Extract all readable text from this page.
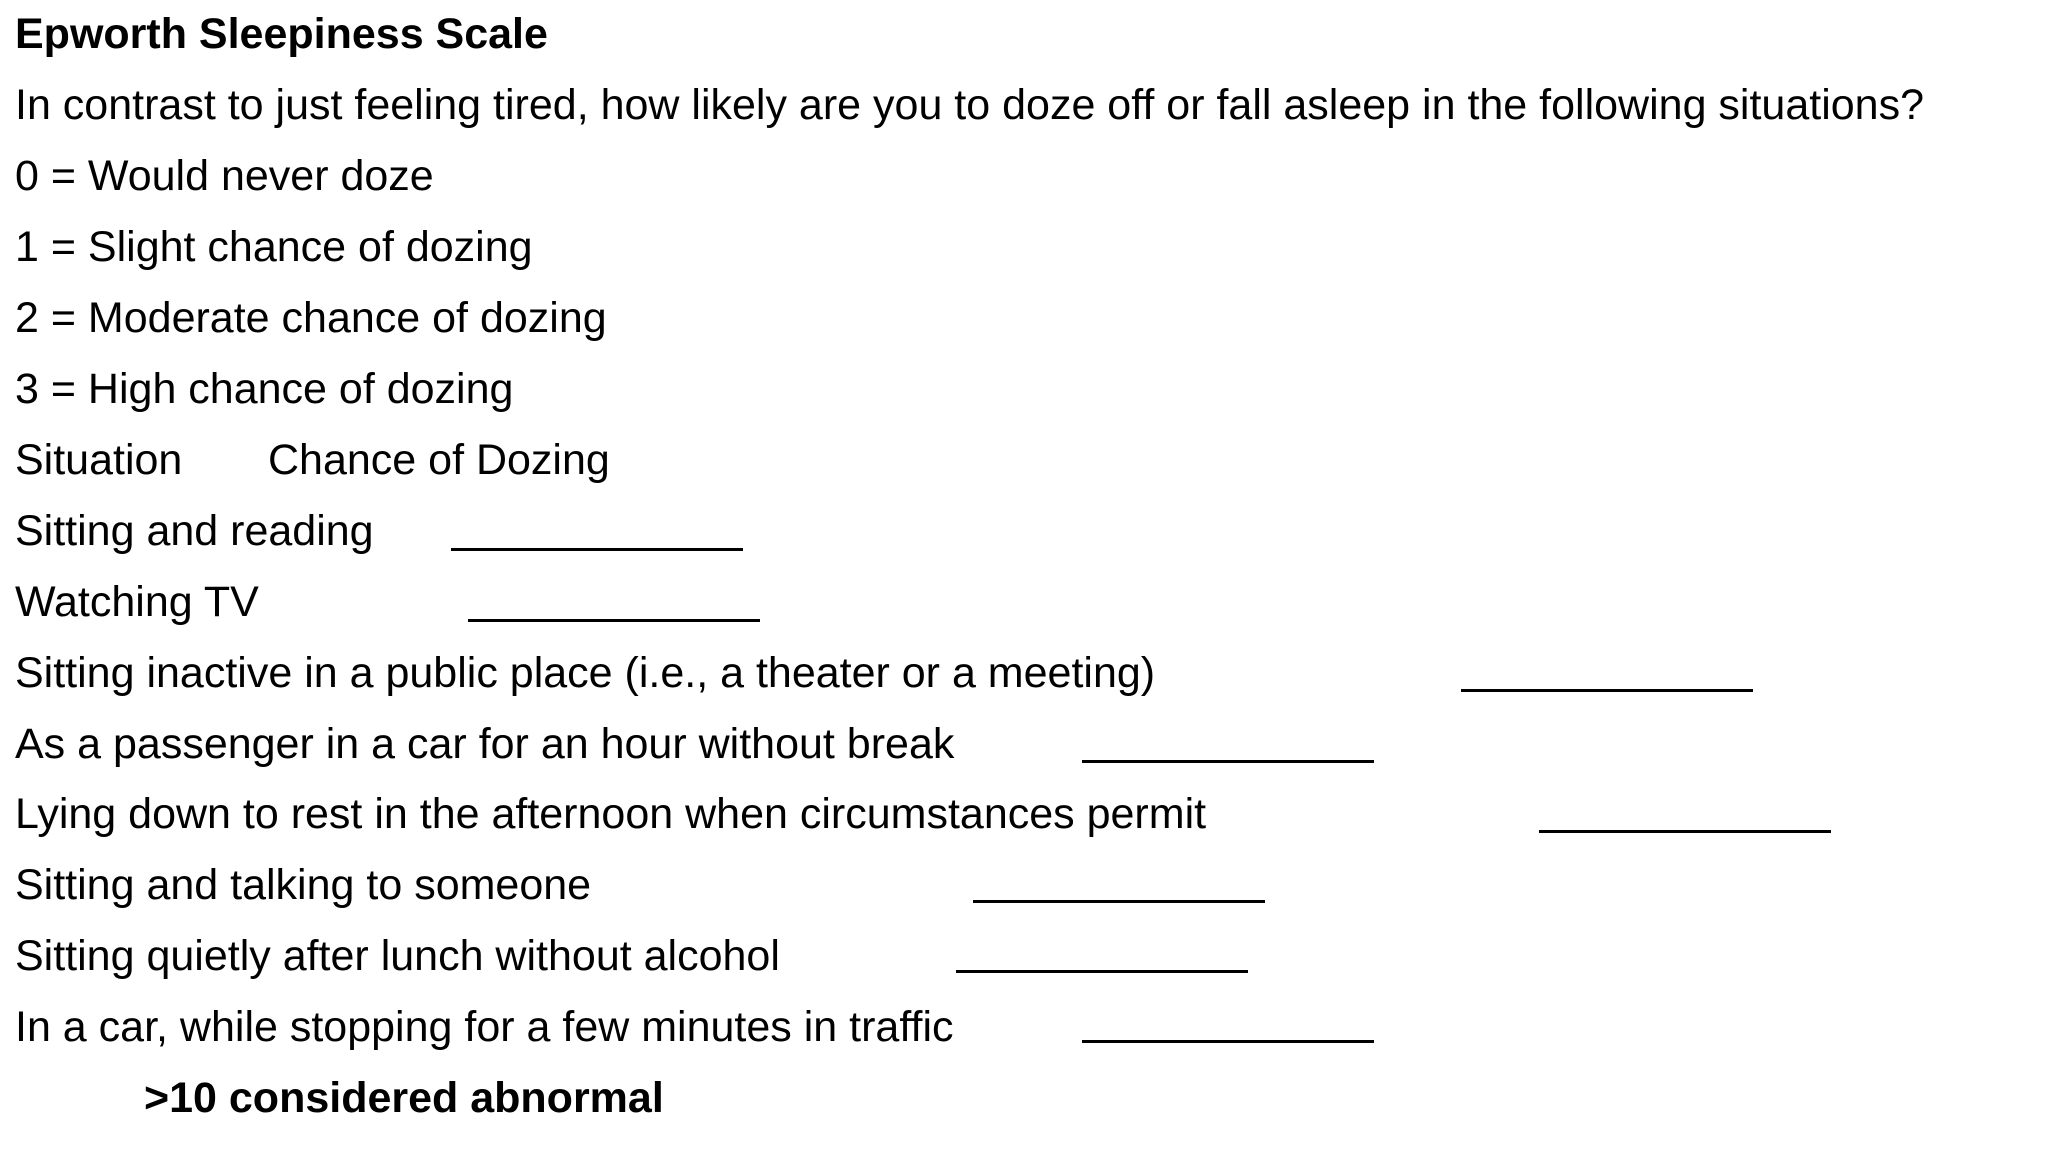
Epworth Sleepiness Scale
In contrast to just feeling tired, how likely are you to doze off or fall asleep in the following situations?
0 = Would never doze
1 = Slight chance of dozing
2 = Moderate chance of dozing
3 = High chance of dozing
Situation Chance of Dozing
Sitting and reading
Watching TV
Sitting inactive in a public place (i.e., a theater or a meeting)
As a passenger in a car for an hour without break
Lying down to rest in the afternoon when circumstances permit
Sitting and talking to someone
Sitting quietly after lunch without alcohol
In a car, while stopping for a few minutes in traffic
>10 considered abnormal
